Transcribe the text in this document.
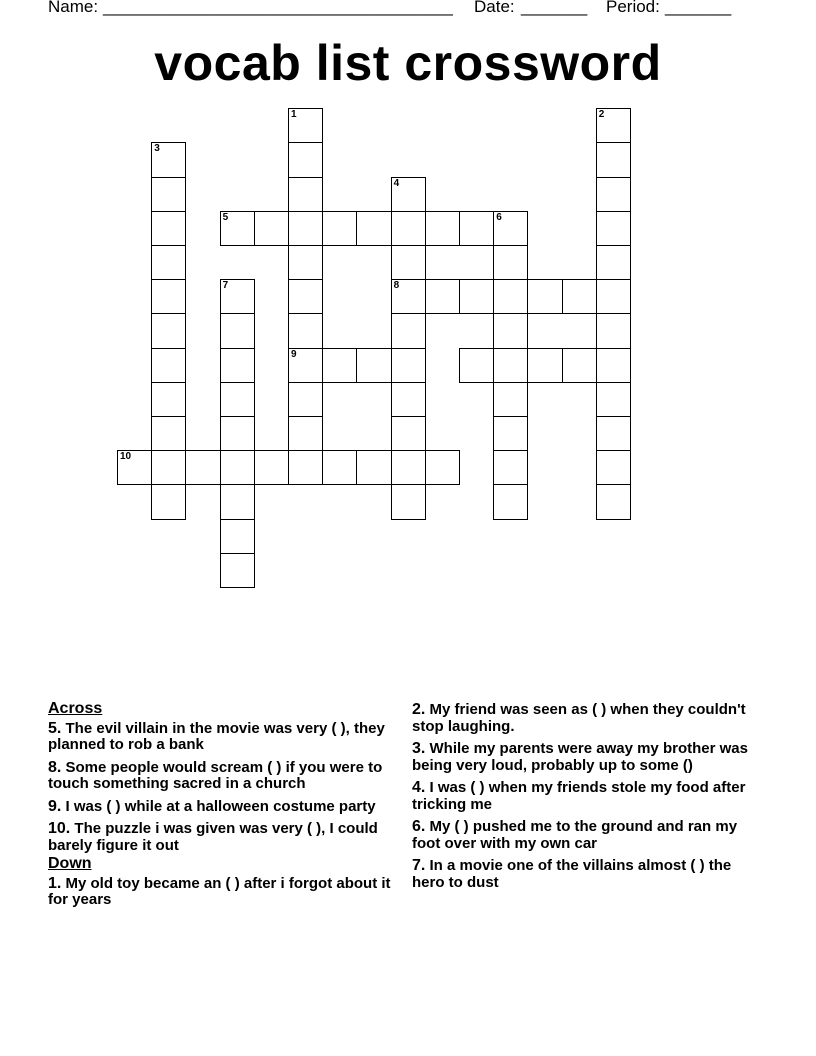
Name: _____________________________________ Date: _______ Period: _______
vocab list crossword
1
9
2
3
4
8
6
7
5
10
Across
5. The evil villain in the movie was very ( ), they planned to rob a bank
8. Some people would scream ( ) if you were to touch something sacred in a church
9. I was ( ) while at a halloween costume party
10. The puzzle i was given was very ( ), I could barely figure it out
Down
1. My old toy became an ( ) after i forgot about it for years
2. My friend was seen as ( ) when they couldn't stop laughing.
3. While my parents were away my brother was being very loud, probably up to some ()
4. I was ( ) when my friends stole my food after tricking me
6. My ( ) pushed me to the ground and ran my foot over with my own car
7. In a movie one of the villains almost ( ) the hero to dust
